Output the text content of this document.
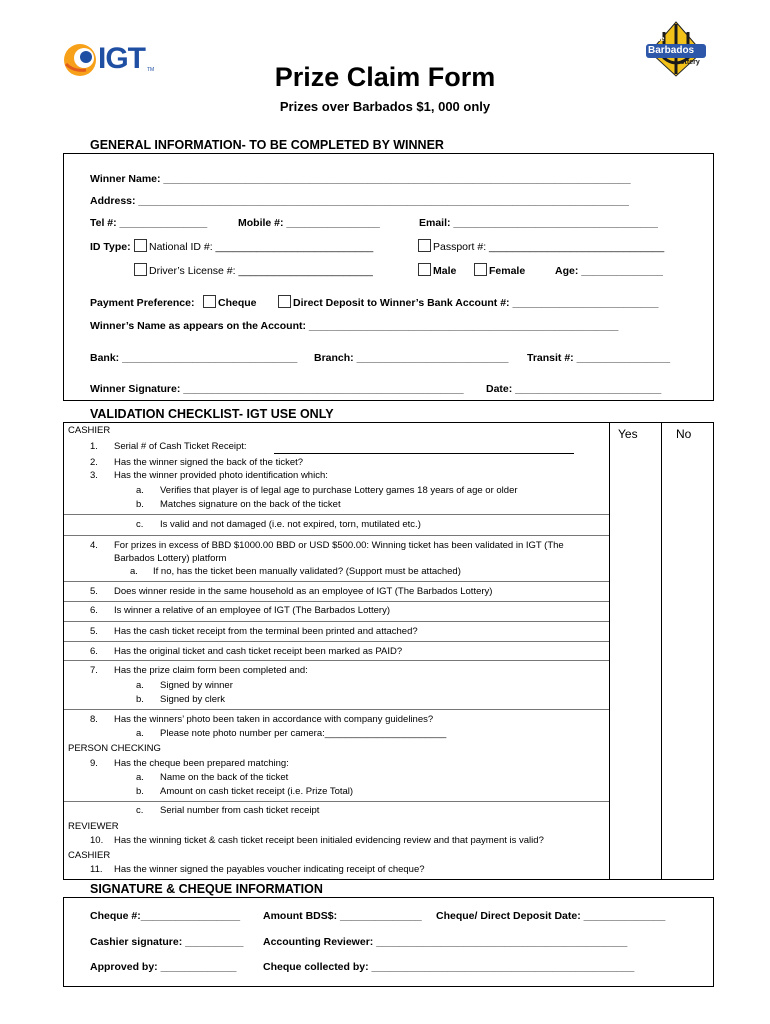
IGT TM
The
Barbados
Lottery
Prize Claim Form
Prizes over Barbados $1, 000 only
GENERAL INFORMATION- TO BE COMPLETED BY WINNER
Winner Name: ________________________________________________________________________________
Address: ____________________________________________________________________________________
Tel #: _______________	Mobile #: ________________	Email: ___________________________________
ID Type:	National ID #: ___________________________	Passport #: ______________________________
Driver’s License #: _______________________	Male	Female	Age: ______________
Payment Preference:	Cheque	Direct Deposit to Winner’s Bank Account #: _________________________
Winner’s Name as appears on the Account: _____________________________________________________
Bank: ______________________________ Branch: __________________________ Transit #: ________________
Winner Signature: ________________________________________________ Date: _________________________
VALIDATION CHECKLIST- IGT USE ONLY
Yes	No
CASHIER
1. Serial # of Cash Ticket Receipt:
2. Has the winner signed the back of the ticket?
3. Has the winner provided photo identification which:
a. Verifies that player is of legal age to purchase Lottery games 18 years of age or older
b. Matches signature on the back of the ticket
c. Is valid and not damaged (i.e. not expired, torn, mutilated etc.)
4. For prizes in excess of BBD $1000.00 BBD or USD $500.00: Winning ticket has been validated in IGT (The
Barbados Lottery) platform
a. If no, has the ticket been manually validated? (Support must be attached)
5. Does winner reside in the same household as an employee of IGT (The Barbados Lottery)
6. Is winner a relative of an employee of IGT (The Barbados Lottery)
5. Has the cash ticket receipt from the terminal been printed and attached?
6. Has the original ticket and cash ticket receipt been marked as PAID?
7. Has the prize claim form been completed and:
a. Signed by winner
b. Signed by clerk
8. Has the winners’ photo been taken in accordance with company guidelines?
a. Please note photo number per camera:_______________________
PERSON CHECKING
9. Has the cheque been prepared matching:
a. Name on the back of the ticket
b. Amount on cash ticket receipt (i.e. Prize Total)
c. Serial number from cash ticket receipt
REVIEWER
10. Has the winning ticket & cash ticket receipt been initialed evidencing review and that payment is valid?
CASHIER
11. Has the winner signed the payables voucher indicating receipt of cheque?
SIGNATURE & CHEQUE INFORMATION
Cheque #:_________________ Amount BDS$: ______________ Cheque/ Direct Deposit Date: ______________
Cashier signature: __________ Accounting Reviewer: ___________________________________________
Approved by: _____________	Cheque collected by: _____________________________________________
